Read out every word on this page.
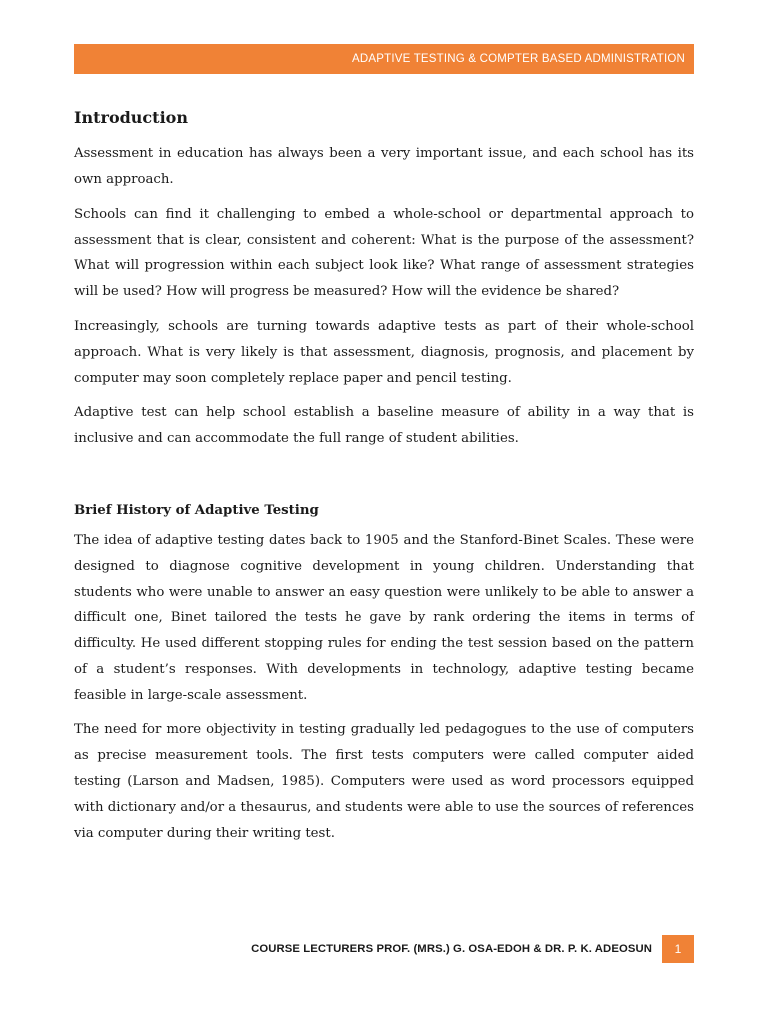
ADAPTIVE TESTING & COMPTER BASED ADMINISTRATION
Introduction

Assessment in education has always been a very important issue, and each school has its own approach.

Schools can find it challenging to embed a whole-school or departmental approach to assessment that is clear, consistent and coherent: What is the purpose of the assessment? What will progression within each subject look like? What range of assessment strategies will be used? How will progress be measured? How will the evidence be shared?

Increasingly, schools are turning towards adaptive tests as part of their whole-school approach. What is very likely is that assessment, diagnosis, prognosis, and placement by computer may soon completely replace paper and pencil testing.

Adaptive test can help school establish a baseline measure of ability in a way that is inclusive and can accommodate the full range of student abilities.

Brief History of Adaptive Testing

The idea of adaptive testing dates back to 1905 and the Stanford-Binet Scales. These were designed to diagnose cognitive development in young children. Understanding that students who were unable to answer an easy question were unlikely to be able to answer a difficult one, Binet tailored the tests he gave by rank ordering the items in terms of difficulty. He used different stopping rules for ending the test session based on the pattern of a student’s responses. With developments in technology, adaptive testing became feasible in large-scale assessment.

The need for more objectivity in testing gradually led pedagogues to the use of computers as precise measurement tools. The first tests computers were called computer aided testing (Larson and Madsen, 1985). Computers were used as word processors equipped with dictionary and/or a thesaurus, and students were able to use the sources of references via computer during their writing test.

COURSE LECTURERS PROF. (MRS.) G. OSA-EDOH & DR. P. K. ADEOSUN	1
